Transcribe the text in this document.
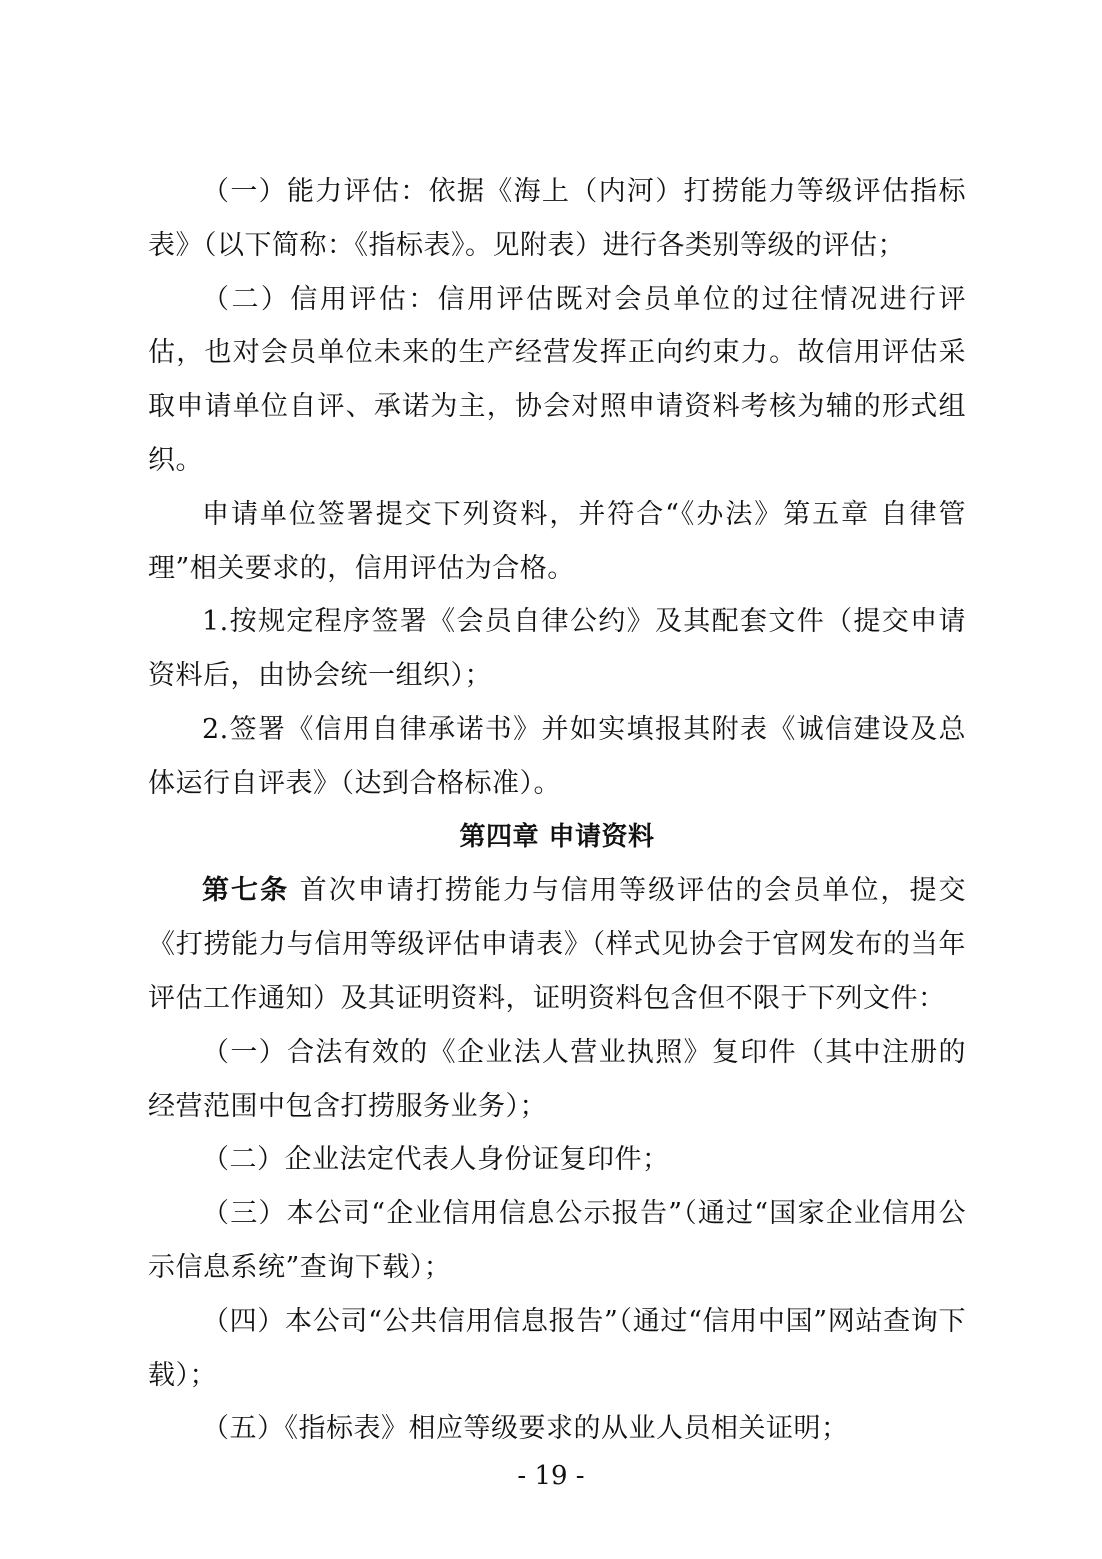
（一）能力评估：依据《海上（内河）打捞能力等级评估指标表》（以下简称：《指标表》。见附表）进行各类别等级的评估；

（二）信用评估：信用评估既对会员单位的过往情况进行评估，也对会员单位未来的生产经营发挥正向约束力。故信用评估采取申请单位自评、承诺为主，协会对照申请资料考核为辅的形式组织。

申请单位签署提交下列资料，并符合“《办法》第五章 自律管理”相关要求的，信用评估为合格。

1.按规定程序签署《会员自律公约》及其配套文件（提交申请资料后，由协会统一组织）；

2.签署《信用自律承诺书》并如实填报其附表《诚信建设及总体运行自评表》（达到合格标准）。

第四章 申请资料

第七条 首次申请打捞能力与信用等级评估的会员单位，提交《打捞能力与信用等级评估申请表》（样式见协会于官网发布的当年评估工作通知）及其证明资料，证明资料包含但不限于下列文件：

（一）合法有效的《企业法人营业执照》复印件（其中注册的经营范围中包含打捞服务业务）；

（二）企业法定代表人身份证复印件；

（三）本公司“企业信用信息公示报告”（通过“国家企业信用公示信息系统”查询下载）；

（四）本公司“公共信用信息报告”（通过“信用中国”网站查询下载）；

（五）《指标表》相应等级要求的从业人员相关证明；

- 19 -
